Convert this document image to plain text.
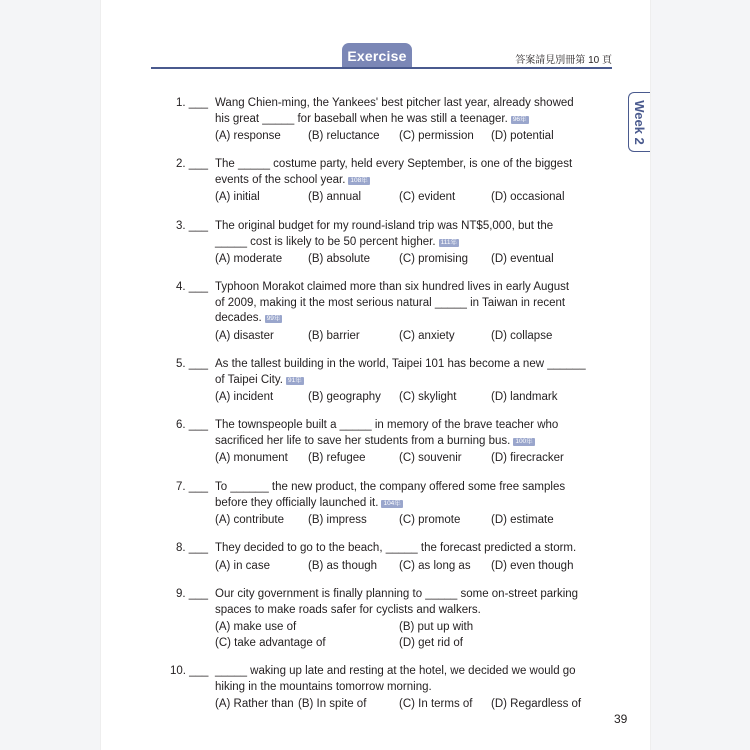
Exercise	答案請見別冊第 10 頁
Week 2
1. ___ Wang Chien-ming, the Yankees' best pitcher last year, already showed
his great _____ for baseball when he was still a teenager. 96年
(A) response (B) reluctance (C) permission (D) potential
2. ___ The _____ costume party, held every September, is one of the biggest
events of the school year. 108年
(A) initial	(B) annual	(C) evident	(D) occasional
3. ___ The original budget for my round-island trip was NT$5,000, but the
_____ cost is likely to be 50 percent higher. 111年
(A) moderate (B) absolute	(C) promising (D) eventual
4. ___ Typhoon Morakot claimed more than six hundred lives in early August
of 2009, making it the most serious natural _____ in Taiwan in recent
decades. 99年
(A) disaster	(B) barrier	(C) anxiety	(D) collapse
5. ___ As the tallest building in the world, Taipei 101 has become a new ______
of Taipei City. 91年
(A) incident	(B) geography (C) skylight	(D) landmark
6. ___ The townspeople built a _____ in memory of the brave teacher who
sacrificed her life to save her students from a burning bus. 100年
(A) monument (B) refugee	(C) souvenir	(D) firecracker
7. ___ To ______ the new product, the company offered some free samples
before they officially launched it. 104年
(A) contribute (B) impress	(C) promote	(D) estimate
8. ___ They decided to go to the beach, _____ the forecast predicted a storm.
(A) in case	(B) as though (C) as long as (D) even though
9. ___ Our city government is finally planning to _____ some on-street parking
spaces to make roads safer for cyclists and walkers.
(A) make use of	(B) put up with
(C) take advantage of	(D) get rid of
10. ___ _____ waking up late and resting at the hotel, we decided we would go
hiking in the mountains tomorrow morning.
(A) Rather than (B) In spite of	(C) In terms of (D) Regardless of
39
